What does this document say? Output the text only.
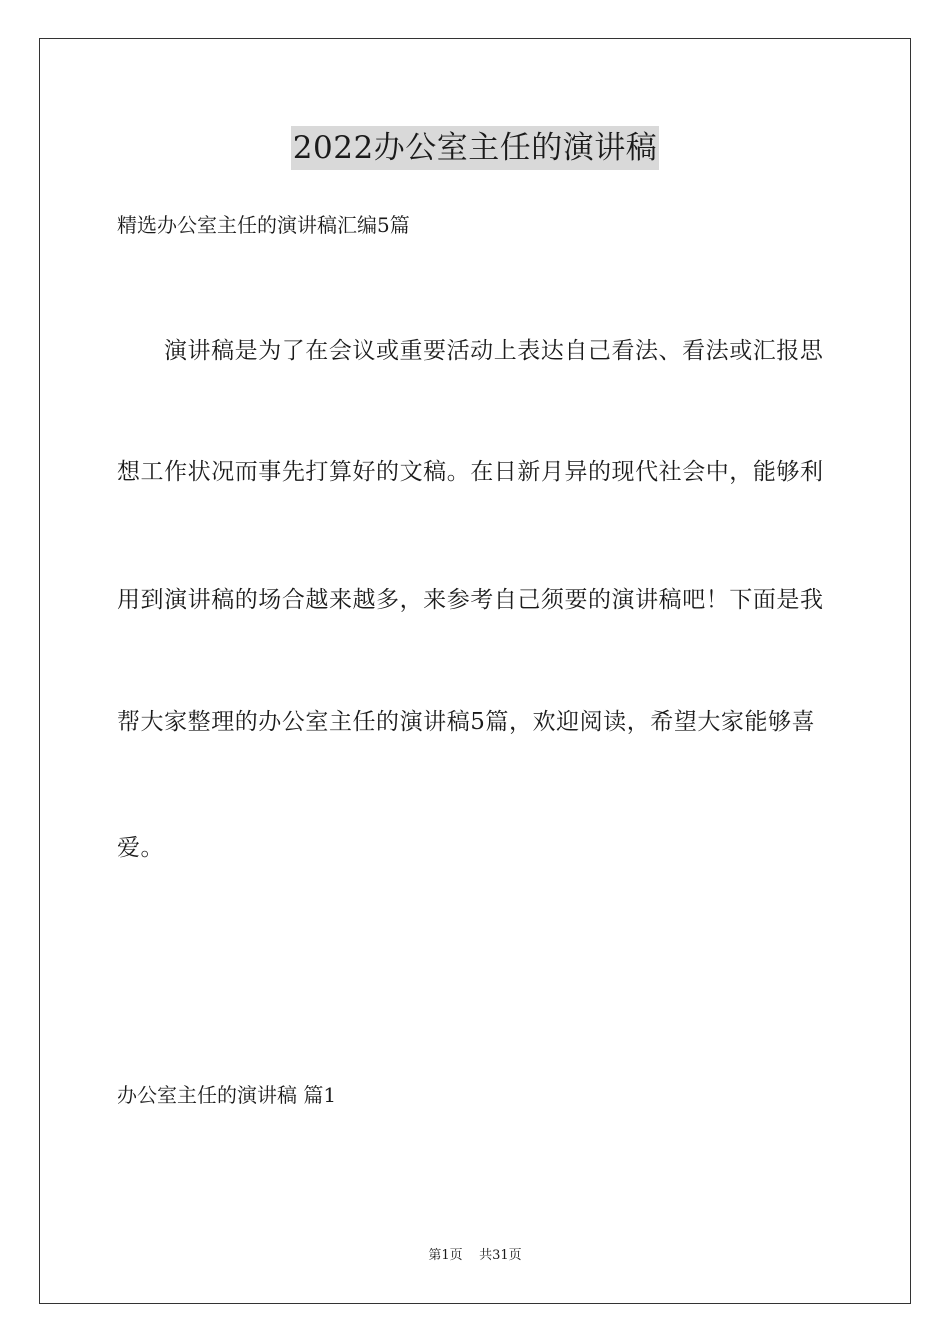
2022办公室主任的演讲稿
精选办公室主任的演讲稿汇编5篇
演讲稿是为了在会议或重要活动上表达自己看法、看法或汇报思
想工作状况而事先打算好的文稿。在日新月异的现代社会中，能够利
用到演讲稿的场合越来越多，来参考自己须要的演讲稿吧！下面是我
帮大家整理的办公室主任的演讲稿5篇，欢迎阅读，希望大家能够喜
爱。
办公室主任的演讲稿 篇1
第1页 共31页
